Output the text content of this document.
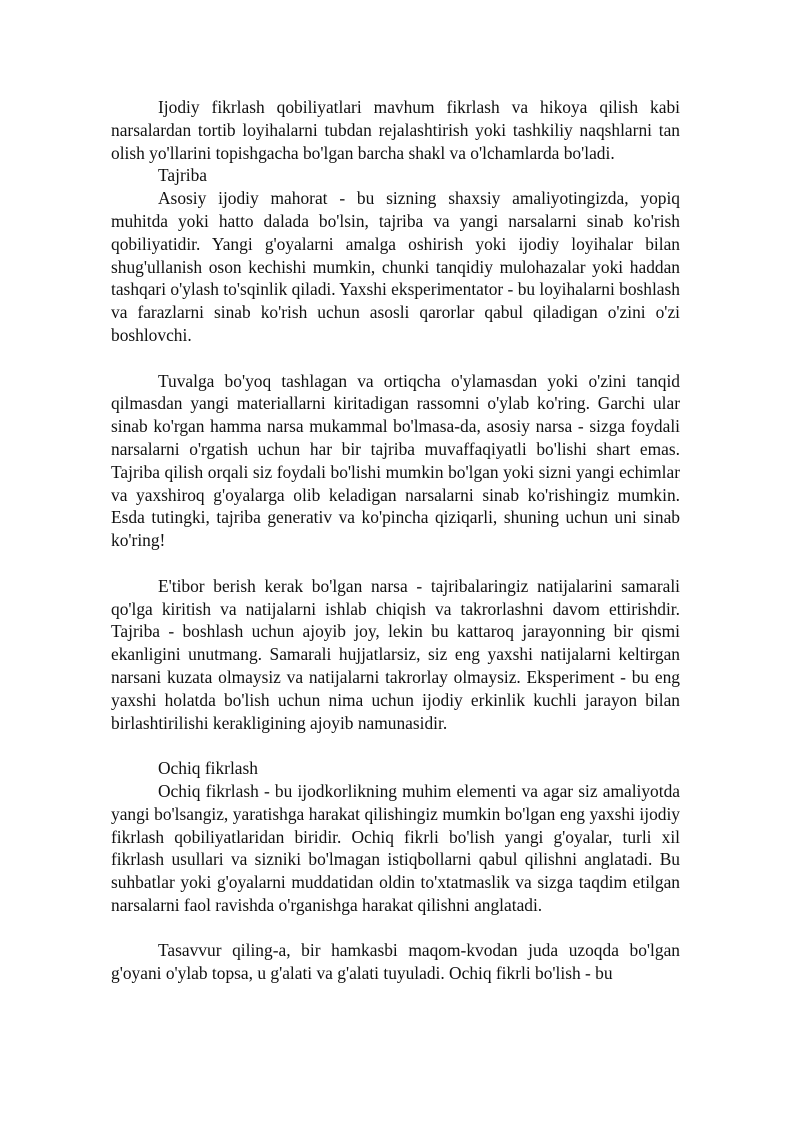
Ijodiy fikrlash qobiliyatlari mavhum fikrlash va hikoya qilish kabi narsalardan tortib loyihalarni tubdan rejalashtirish yoki tashkiliy naqshlarni tan olish yo'llarini topishgacha bo'lgan barcha shakl va o'lchamlarda bo'ladi.

Tajriba

Asosiy ijodiy mahorat - bu sizning shaxsiy amaliyotingizda, yopiq muhitda yoki hatto dalada bo'lsin, tajriba va yangi narsalarni sinab ko'rish qobiliyatidir. Yangi g'oyalarni amalga oshirish yoki ijodiy loyihalar bilan shug'ullanish oson kechishi mumkin, chunki tanqidiy mulohazalar yoki haddan tashqari o'ylash to'sqinlik qiladi. Yaxshi eksperimentator - bu loyihalarni boshlash va farazlarni sinab ko'rish uchun asosli qarorlar qabul qiladigan o'zini o'zi boshlovchi.

Tuvalga bo'yoq tashlagan va ortiqcha o'ylamasdan yoki o'zini tanqid qilmasdan yangi materiallarni kiritadigan rassomni o'ylab ko'ring. Garchi ular sinab ko'rgan hamma narsa mukammal bo'lmasa-da, asosiy narsa - sizga foydali narsalarni o'rgatish uchun har bir tajriba muvaffaqiyatli bo'lishi shart emas. Tajriba qilish orqali siz foydali bo'lishi mumkin bo'lgan yoki sizni yangi echimlar va yaxshiroq g'oyalarga olib keladigan narsalarni sinab ko'rishingiz mumkin. Esda tutingki, tajriba generativ va ko'pincha qiziqarli, shuning uchun uni sinab ko'ring!

E'tibor berish kerak bo'lgan narsa - tajribalaringiz natijalarini samarali qo'lga kiritish va natijalarni ishlab chiqish va takrorlashni davom ettirishdir. Tajriba - boshlash uchun ajoyib joy, lekin bu kattaroq jarayonning bir qismi ekanligini unutmang. Samarali hujjatlarsiz, siz eng yaxshi natijalarni keltirgan narsani kuzata olmaysiz va natijalarni takrorlay olmaysiz. Eksperiment - bu eng yaxshi holatda bo'lish uchun nima uchun ijodiy erkinlik kuchli jarayon bilan birlashtirilishi kerakligining ajoyib namunasidir.

Ochiq fikrlash

Ochiq fikrlash - bu ijodkorlikning muhim elementi va agar siz amaliyotda yangi bo'lsangiz, yaratishga harakat qilishingiz mumkin bo'lgan eng yaxshi ijodiy fikrlash qobiliyatlaridan biridir. Ochiq fikrli bo'lish yangi g'oyalar, turli xil fikrlash usullari va sizniki bo'lmagan istiqbollarni qabul qilishni anglatadi. Bu suhbatlar yoki g'oyalarni muddatidan oldin to'xtatmaslik va sizga taqdim etilgan narsalarni faol ravishda o'rganishga harakat qilishni anglatadi.

Tasavvur qiling-a, bir hamkasbi maqom-kvodan juda uzoqda bo'lgan g'oyani o'ylab topsa, u g'alati va g'alati tuyuladi. Ochiq fikrli bo'lish - bu
